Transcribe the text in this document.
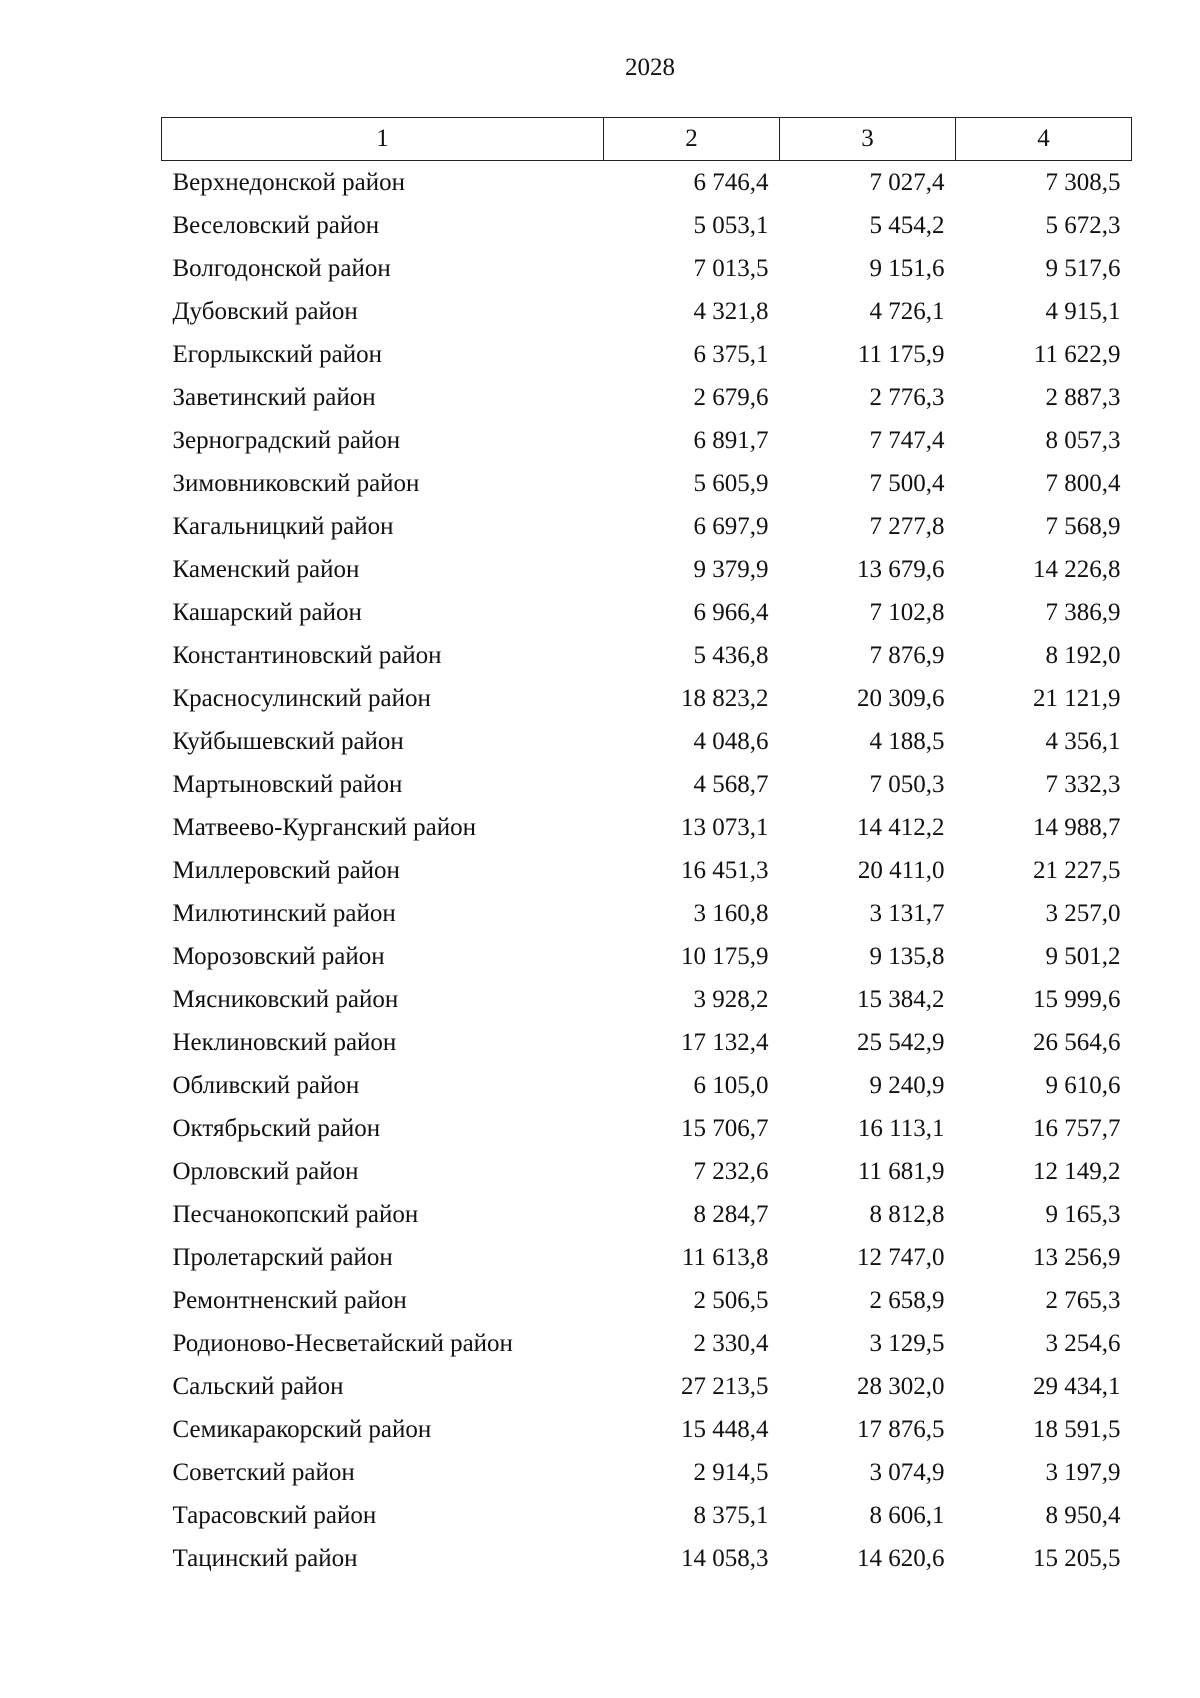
2028
1	2	3	4
Верхнедонской район	6 746,4	7 027,4	7 308,5
Веселовский район	5 053,1	5 454,2	5 672,3
Волгодонской район	7 013,5	9 151,6	9 517,6
Дубовский район	4 321,8	4 726,1	4 915,1
Егорлыкский район	6 375,1	11 175,9	11 622,9
Заветинский район	2 679,6	2 776,3	2 887,3
Зерноградский район	6 891,7	7 747,4	8 057,3
Зимовниковский район	5 605,9	7 500,4	7 800,4
Кагальницкий район	6 697,9	7 277,8	7 568,9
Каменский район	9 379,9	13 679,6	14 226,8
Кашарский район	6 966,4	7 102,8	7 386,9
Константиновский район	5 436,8	7 876,9	8 192,0
Красносулинский район	18 823,2	20 309,6	21 121,9
Куйбышевский район	4 048,6	4 188,5	4 356,1
Мартыновский район	4 568,7	7 050,3	7 332,3
Матвеево-Курганский район	13 073,1	14 412,2	14 988,7
Миллеровский район	16 451,3	20 411,0	21 227,5
Милютинский район	3 160,8	3 131,7	3 257,0
Морозовский район	10 175,9	9 135,8	9 501,2
Мясниковский район	3 928,2	15 384,2	15 999,6
Неклиновский район	17 132,4	25 542,9	26 564,6
Обливский район	6 105,0	9 240,9	9 610,6
Октябрьский район	15 706,7	16 113,1	16 757,7
Орловский район	7 232,6	11 681,9	12 149,2
Песчанокопский район	8 284,7	8 812,8	9 165,3
Пролетарский район	11 613,8	12 747,0	13 256,9
Ремонтненский район	2 506,5	2 658,9	2 765,3
Родионово-Несветайский район	2 330,4	3 129,5	3 254,6
Сальский район	27 213,5	28 302,0	29 434,1
Семикаракорский район	15 448,4	17 876,5	18 591,5
Советский район	2 914,5	3 074,9	3 197,9
Тарасовский район	8 375,1	8 606,1	8 950,4
Тацинский район	14 058,3	14 620,6	15 205,5
